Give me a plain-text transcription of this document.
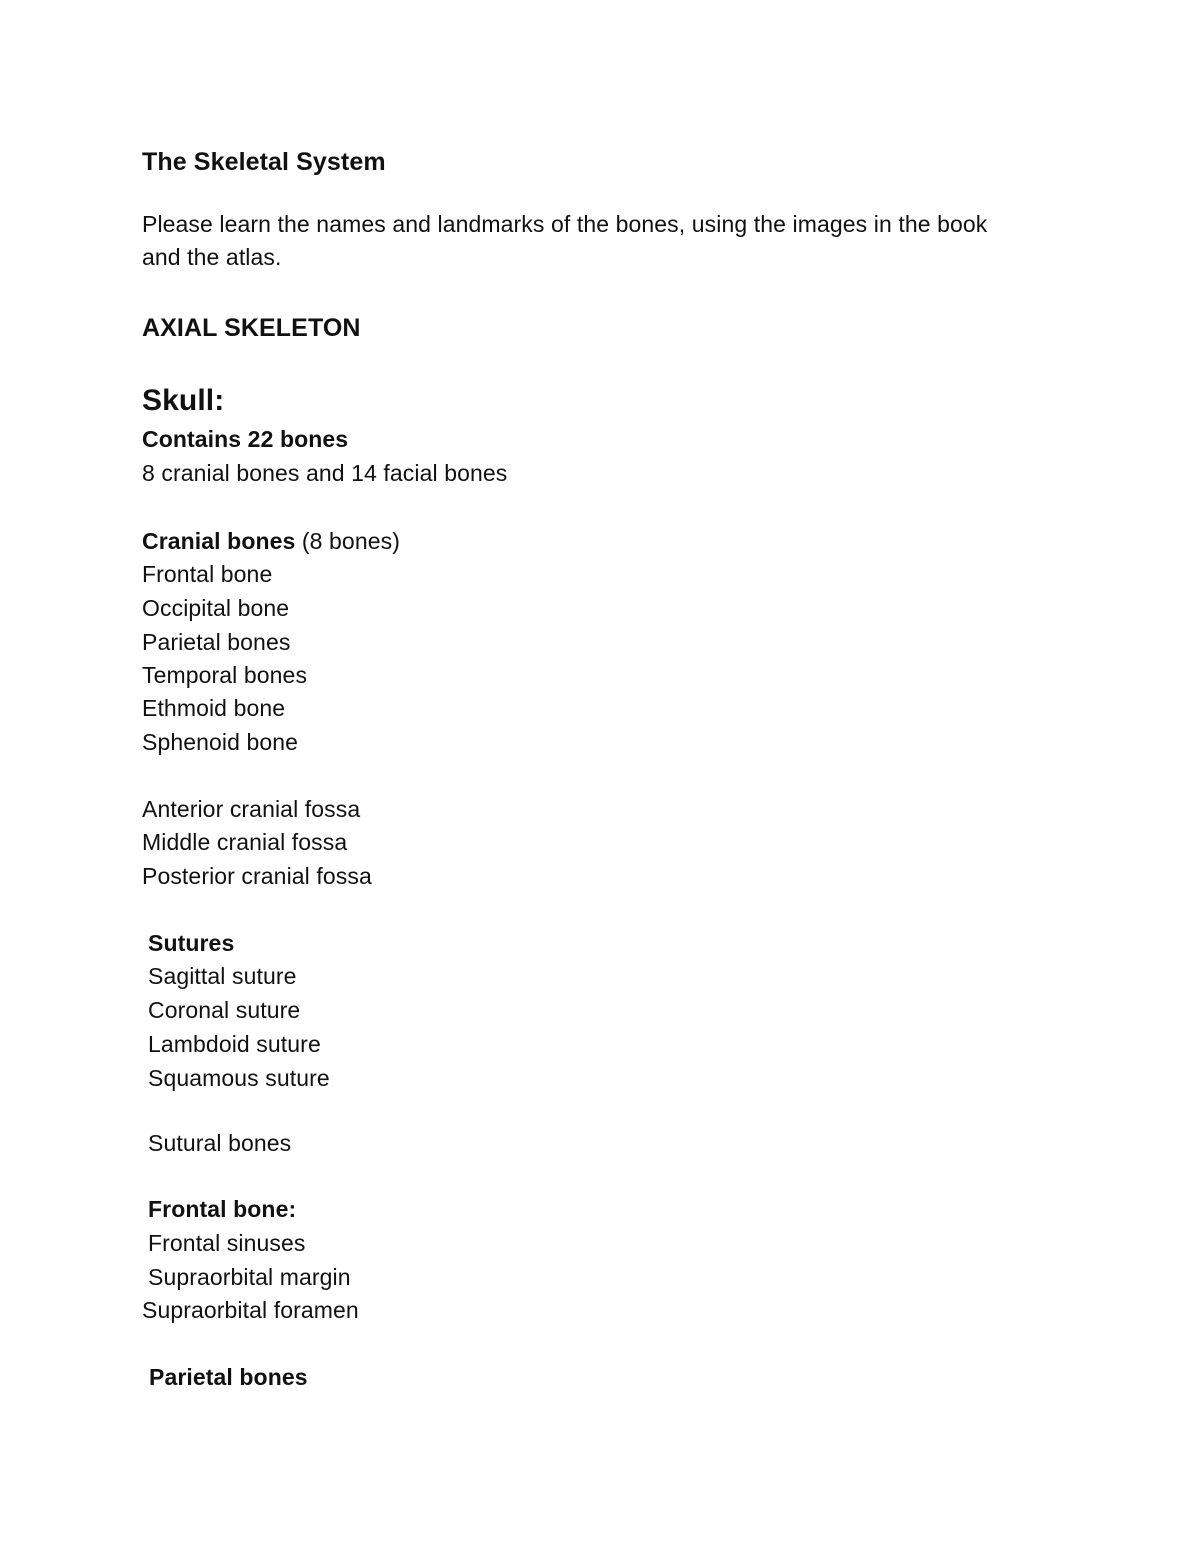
The Skeletal System
Please learn the names and landmarks of the bones, using the images in the book
and the atlas.
AXIAL SKELETON
Skull:
Contains 22 bones
8 cranial bones and 14 facial bones
Cranial bones (8 bones)
Frontal bone
Occipital bone
Parietal bones
Temporal bones
Ethmoid bone
Sphenoid bone
Anterior cranial fossa
Middle cranial fossa
Posterior cranial fossa
Sutures
Sagittal suture
Coronal suture
Lambdoid suture
Squamous suture
Sutural bones
Frontal bone:
Frontal sinuses
Supraorbital margin
Supraorbital foramen
Parietal bones
